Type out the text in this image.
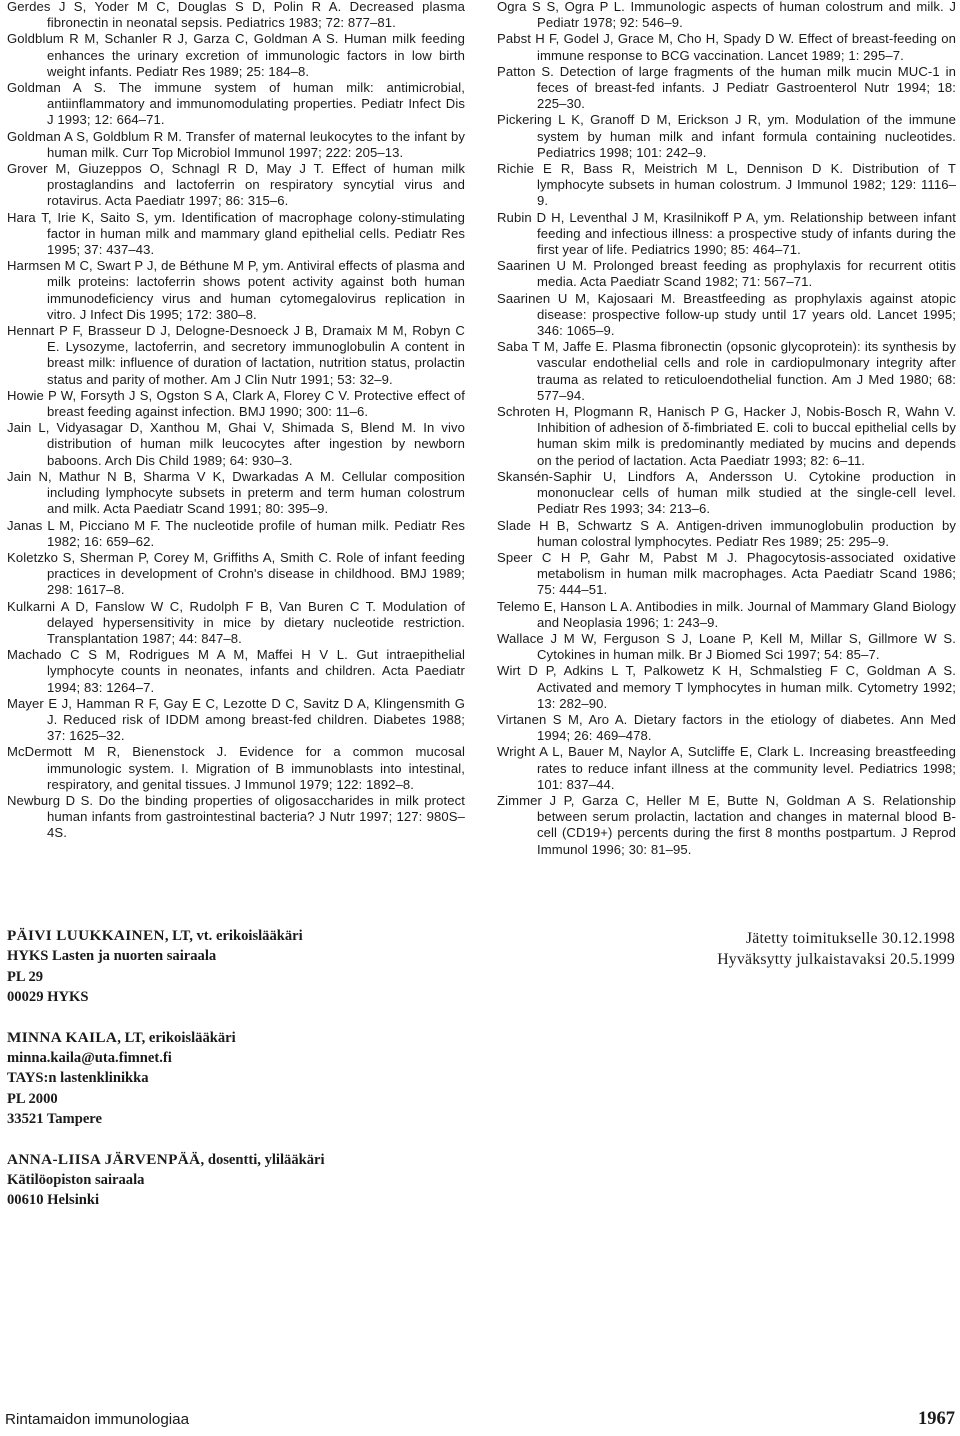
Gerdes J S, Yoder M C, Douglas S D, Polin R A. Decreased plasma fibronectin in neonatal sepsis. Pediatrics 1983; 72: 877–81.

Goldblum R M, Schanler R J, Garza C, Goldman A S. Human milk feeding enhances the urinary excretion of immunologic factors in low birth weight infants. Pediatr Res 1989; 25: 184–8.

Goldman A S. The immune system of human milk: antimicrobial, antiinflammatory and immunomodulating properties. Pediatr Infect Dis J 1993; 12: 664–71.

Goldman A S, Goldblum R M. Transfer of maternal leukocytes to the infant by human milk. Curr Top Microbiol Immunol 1997; 222: 205–13.

Grover M, Giuzeppos O, Schnagl R D, May J T. Effect of human milk prostaglandins and lactoferrin on respiratory syncytial virus and rotavirus. Acta Paediatr 1997; 86: 315–6.

Hara T, Irie K, Saito S, ym. Identification of macrophage colony-stimulating factor in human milk and mammary gland epithelial cells. Pediatr Res 1995; 37: 437–43.

Harmsen M C, Swart P J, de Béthune M P, ym. Antiviral effects of plasma and milk proteins: lactoferrin shows potent activity against both human immunodeficiency virus and human cytomegalovirus replication in vitro. J Infect Dis 1995; 172: 380–8.

Hennart P F, Brasseur D J, Delogne-Desnoeck J B, Dramaix M M, Robyn C E. Lysozyme, lactoferrin, and secretory immunoglobulin A content in breast milk: influence of duration of lactation, nutrition status, prolactin status and parity of mother. Am J Clin Nutr 1991; 53: 32–9.

Howie P W, Forsyth J S, Ogston S A, Clark A, Florey C V. Protective effect of breast feeding against infection. BMJ 1990; 300: 11–6.

Jain L, Vidyasagar D, Xanthou M, Ghai V, Shimada S, Blend M. In vivo distribution of human milk leucocytes after ingestion by newborn baboons. Arch Dis Child 1989; 64: 930–3.

Jain N, Mathur N B, Sharma V K, Dwarkadas A M. Cellular composition including lymphocyte subsets in preterm and term human colostrum and milk. Acta Paediatr Scand 1991; 80: 395–9.

Janas L M, Picciano M F. The nucleotide profile of human milk. Pediatr Res 1982; 16: 659–62.

Koletzko S, Sherman P, Corey M, Griffiths A, Smith C. Role of infant feeding practices in development of Crohn's disease in childhood. BMJ 1989; 298: 1617–8.

Kulkarni A D, Fanslow W C, Rudolph F B, Van Buren C T. Modulation of delayed hypersensitivity in mice by dietary nucleotide restriction. Transplantation 1987; 44: 847–8.

Machado C S M, Rodrigues M A M, Maffei H V L. Gut intraepithelial lymphocyte counts in neonates, infants and children. Acta Paediatr 1994; 83: 1264–7.

Mayer E J, Hamman R F, Gay E C, Lezotte D C, Savitz D A, Klingensmith G J. Reduced risk of IDDM among breast-fed children. Diabetes 1988; 37: 1625–32.

McDermott M R, Bienenstock J. Evidence for a common mucosal immunologic system. I. Migration of B immunoblasts into intestinal, respiratory, and genital tissues. J Immunol 1979; 122: 1892–8.

Newburg D S. Do the binding properties of oligosaccharides in milk protect human infants from gastrointestinal bacteria? J Nutr 1997; 127: 980S–4S.

Ogra S S, Ogra P L. Immunologic aspects of human colostrum and milk. J Pediatr 1978; 92: 546–9.

Pabst H F, Godel J, Grace M, Cho H, Spady D W. Effect of breast-feeding on immune response to BCG vaccination. Lancet 1989; 1: 295–7.

Patton S. Detection of large fragments of the human milk mucin MUC-1 in feces of breast-fed infants. J Pediatr Gastroenterol Nutr 1994; 18: 225–30.

Pickering L K, Granoff D M, Erickson J R, ym. Modulation of the immune system by human milk and infant formula containing nucleotides. Pediatrics 1998; 101: 242–9.

Richie E R, Bass R, Meistrich M L, Dennison D K. Distribution of T lymphocyte subsets in human colostrum. J Immunol 1982; 129: 1116–9.

Rubin D H, Leventhal J M, Krasilnikoff P A, ym. Relationship between infant feeding and infectious illness: a prospective study of infants during the first year of life. Pediatrics 1990; 85: 464–71.

Saarinen U M. Prolonged breast feeding as prophylaxis for recurrent otitis media. Acta Paediatr Scand 1982; 71: 567–71.

Saarinen U M, Kajosaari M. Breastfeeding as prophylaxis against atopic disease: prospective follow-up study until 17 years old. Lancet 1995; 346: 1065–9.

Saba T M, Jaffe E. Plasma fibronectin (opsonic glycoprotein): its synthesis by vascular endothelial cells and role in cardiopulmonary integrity after trauma as related to reticuloendothelial function. Am J Med 1980; 68: 577–94.

Schroten H, Plogmann R, Hanisch P G, Hacker J, Nobis-Bosch R, Wahn V. Inhibition of adhesion of δ-fimbriated E. coli to buccal epithelial cells by human skim milk is predominantly mediated by mucins and depends on the period of lactation. Acta Paediatr 1993; 82: 6–11.

Skansén-Saphir U, Lindfors A, Andersson U. Cytokine production in mononuclear cells of human milk studied at the single-cell level. Pediatr Res 1993; 34: 213–6.

Slade H B, Schwartz S A. Antigen-driven immunoglobulin production by human colostral lymphocytes. Pediatr Res 1989; 25: 295–9.

Speer C H P, Gahr M, Pabst M J. Phagocytosis-associated oxidative metabolism in human milk macrophages. Acta Paediatr Scand 1986; 75: 444–51.

Telemo E, Hanson L A. Antibodies in milk. Journal of Mammary Gland Biology and Neoplasia 1996; 1: 243–9.

Wallace J M W, Ferguson S J, Loane P, Kell M, Millar S, Gillmore W S. Cytokines in human milk. Br J Biomed Sci 1997; 54: 85–7.

Wirt D P, Adkins L T, Palkowetz K H, Schmalstieg F C, Goldman A S. Activated and memory T lymphocytes in human milk. Cytometry 1992; 13: 282–90.

Virtanen S M, Aro A. Dietary factors in the etiology of diabetes. Ann Med 1994; 26: 469–478.

Wright A L, Bauer M, Naylor A, Sutcliffe E, Clark L. Increasing breastfeeding rates to reduce infant illness at the community level. Pediatrics 1998; 101: 837–44.

Zimmer J P, Garza C, Heller M E, Butte N, Goldman A S. Relationship between serum prolactin, lactation and changes in maternal blood B-cell (CD19+) percents during the first 8 months postpartum. J Reprod Immunol 1996; 30: 81–95.

PÄIVI LUUKKAINEN, LT, vt. erikoislääkäri

HYKS Lasten ja nuorten sairaala

PL 29

00029 HYKS

MINNA KAILA, LT, erikoislääkäri

minna.kaila@uta.fimnet.fi

TAYS:n lastenklinikka

PL 2000

33521 Tampere

ANNA-LIISA JÄRVENPÄÄ, dosentti, ylilääkäri

Kätilöopiston sairaala

00610 Helsinki

Jätetty toimitukselle 30.12.1998
Hyväksytty julkaistavaksi 20.5.1999
Rintamaidon immunologiaa	1967
